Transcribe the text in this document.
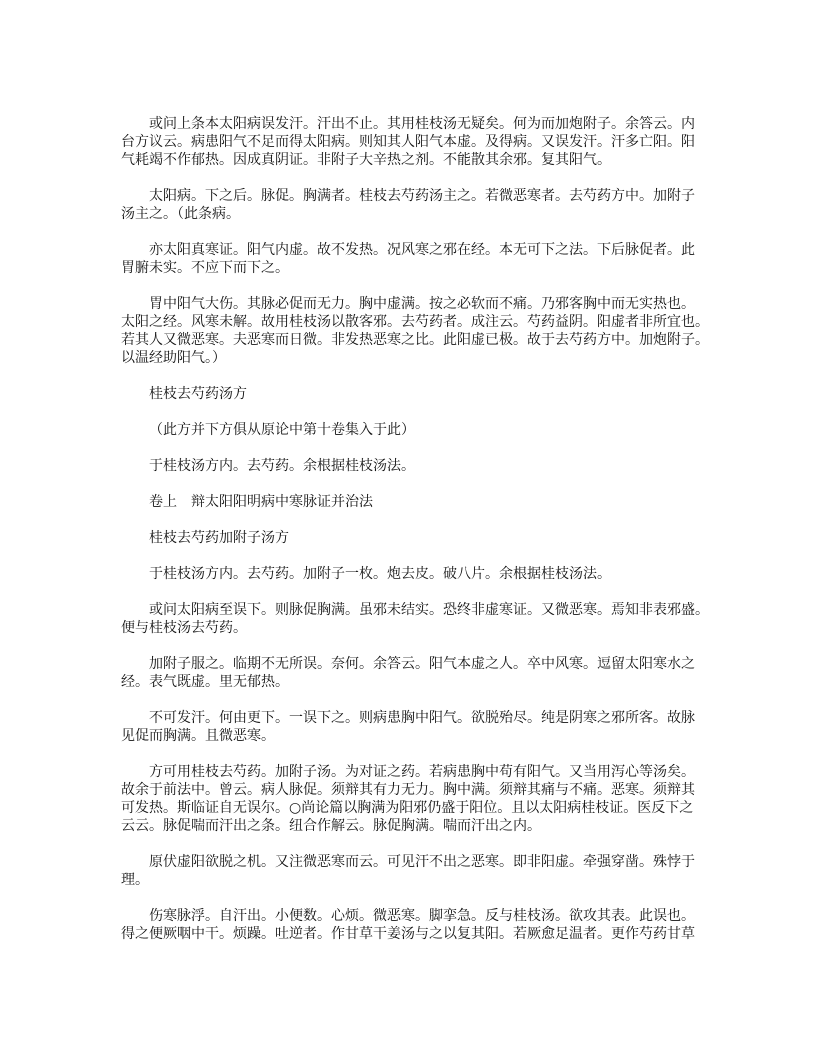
或问上条本太阳病误发汗。汗出不止。其用桂枝汤无疑矣。何为而加炮附子。余答云。内
台方议云。病患阳气不足而得太阳病。则知其人阳气本虚。及得病。又误发汗。汗多亡阳。阳
气耗竭不作郁热。因成真阴证。非附子大辛热之剂。不能散其余邪。复其阳气。
太阳病。下之后。脉促。胸满者。桂枝去芍药汤主之。若微恶寒者。去芍药方中。加附子
汤主之。（此条病。
亦太阳真寒证。阳气内虚。故不发热。况风寒之邪在经。本无可下之法。下后脉促者。此
胃腑未实。不应下而下之。
胃中阳气大伤。其脉必促而无力。胸中虚满。按之必软而不痛。乃邪客胸中而无实热也。
太阳之经。风寒未解。故用桂枝汤以散客邪。去芍药者。成注云。芍药益阴。阳虚者非所宜也。
若其人又微恶寒。夫恶寒而日微。非发热恶寒之比。此阳虚已极。故于去芍药方中。加炮附子。
以温经助阳气。）
桂枝去芍药汤方
（此方并下方俱从原论中第十卷集入于此）
于桂枝汤方内。去芍药。余根据桂枝汤法。
卷上　辩太阳阳明病中寒脉证并治法
桂枝去芍药加附子汤方
于桂枝汤方内。去芍药。加附子一枚。炮去皮。破八片。余根据桂枝汤法。
或问太阳病至误下。则脉促胸满。虽邪未结实。恐终非虚寒证。又微恶寒。焉知非表邪盛。
便与桂枝汤去芍药。
加附子服之。临期不无所误。奈何。余答云。阳气本虚之人。卒中风寒。逗留太阳寒水之
经。表气既虚。里无郁热。
不可发汗。何由更下。一误下之。则病患胸中阳气。欲脱殆尽。纯是阴寒之邪所客。故脉
见促而胸满。且微恶寒。
方可用桂枝去芍药。加附子汤。为对证之药。若病患胸中苟有阳气。又当用泻心等汤矣。
故余于前法中。曾云。病人脉促。须辩其有力无力。胸中满。须辩其痛与不痛。恶寒。须辩其
可发热。斯临证自无误尔。○尚论篇以胸满为阳邪仍盛于阳位。且以太阳病桂枝证。医反下之
云云。脉促喘而汗出之条。纽合作解云。脉促胸满。喘而汗出之内。
原伏虚阳欲脱之机。又注微恶寒而云。可见汗不出之恶寒。即非阳虚。牵强穿凿。殊悖于
理。
伤寒脉浮。自汗出。小便数。心烦。微恶寒。脚挛急。反与桂枝汤。欲攻其表。此误也。
得之便厥咽中干。烦躁。吐逆者。作甘草干姜汤与之以复其阳。若厥愈足温者。更作芍药甘草
